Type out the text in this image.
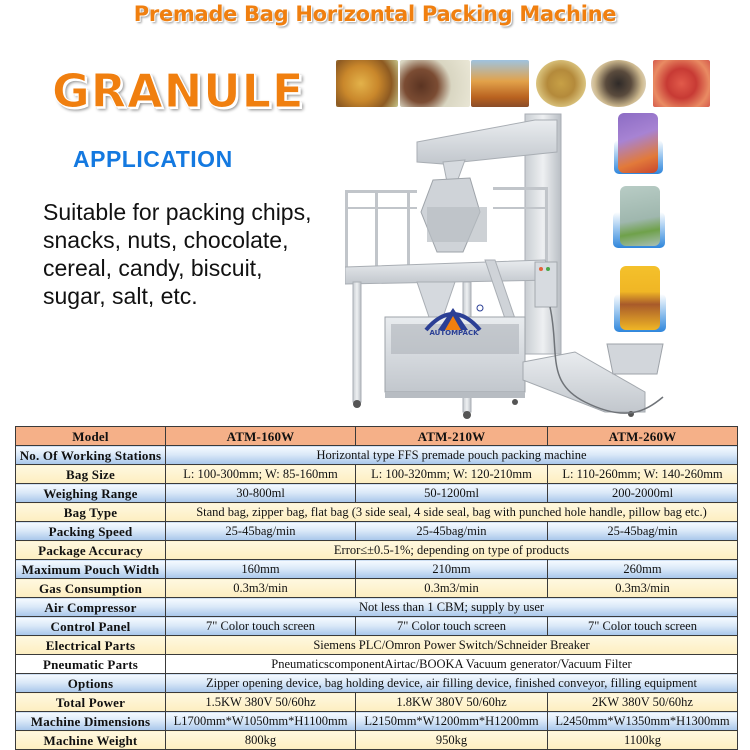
Premade Bag Horizontal Packing Machine
GRANULE
APPLICATION
Suitable for packing chips,
snacks, nuts, chocolate,
cereal, candy, biscuit,
sugar, salt, etc.
AUTOMPACK
Model	ATM-160W	ATM-210W	ATM-260W
No. Of Working Stations	Horizontal type FFS premade pouch packing machine		
Bag Size	L: 100-300mm; W: 85-160mm	L: 100-320mm; W: 120-210mm	L: 110-260mm; W: 140-260mm
Weighing Range	30-800ml	50-1200ml	200-2000ml
Bag Type	Stand bag, zipper bag, flat bag (3 side seal, 4 side seal, bag with punched hole handle, pillow bag etc.)		
Packing Speed	25-45bag/min	25-45bag/min	25-45bag/min
Package Accuracy	Error≤±0.5-1%; depending on type of products		
Maximum Pouch Width	160mm	210mm	260mm
Gas Consumption	0.3m3/min	0.3m3/min	0.3m3/min
Air Compressor	Not less than 1 CBM; supply by user		
Control Panel	7" Color touch screen	7" Color touch screen	7" Color touch screen
Electrical Parts	Siemens PLC/Omron Power Switch/Schneider Breaker		
Pneumatic Parts	PneumaticscomponentAirtac/BOOKA Vacuum generator/Vacuum Filter		
Options	Zipper opening device, bag holding device, air filling device, finished conveyor, filling equipment		
Total Power	1.5KW 380V 50/60hz	1.8KW 380V 50/60hz	2KW 380V 50/60hz
Machine Dimensions	L1700mm*W1050mm*H1100mm	L2150mm*W1200mm*H1200mm	L2450mm*W1350mm*H1300mm
Machine Weight	800kg	950kg	1100kg
